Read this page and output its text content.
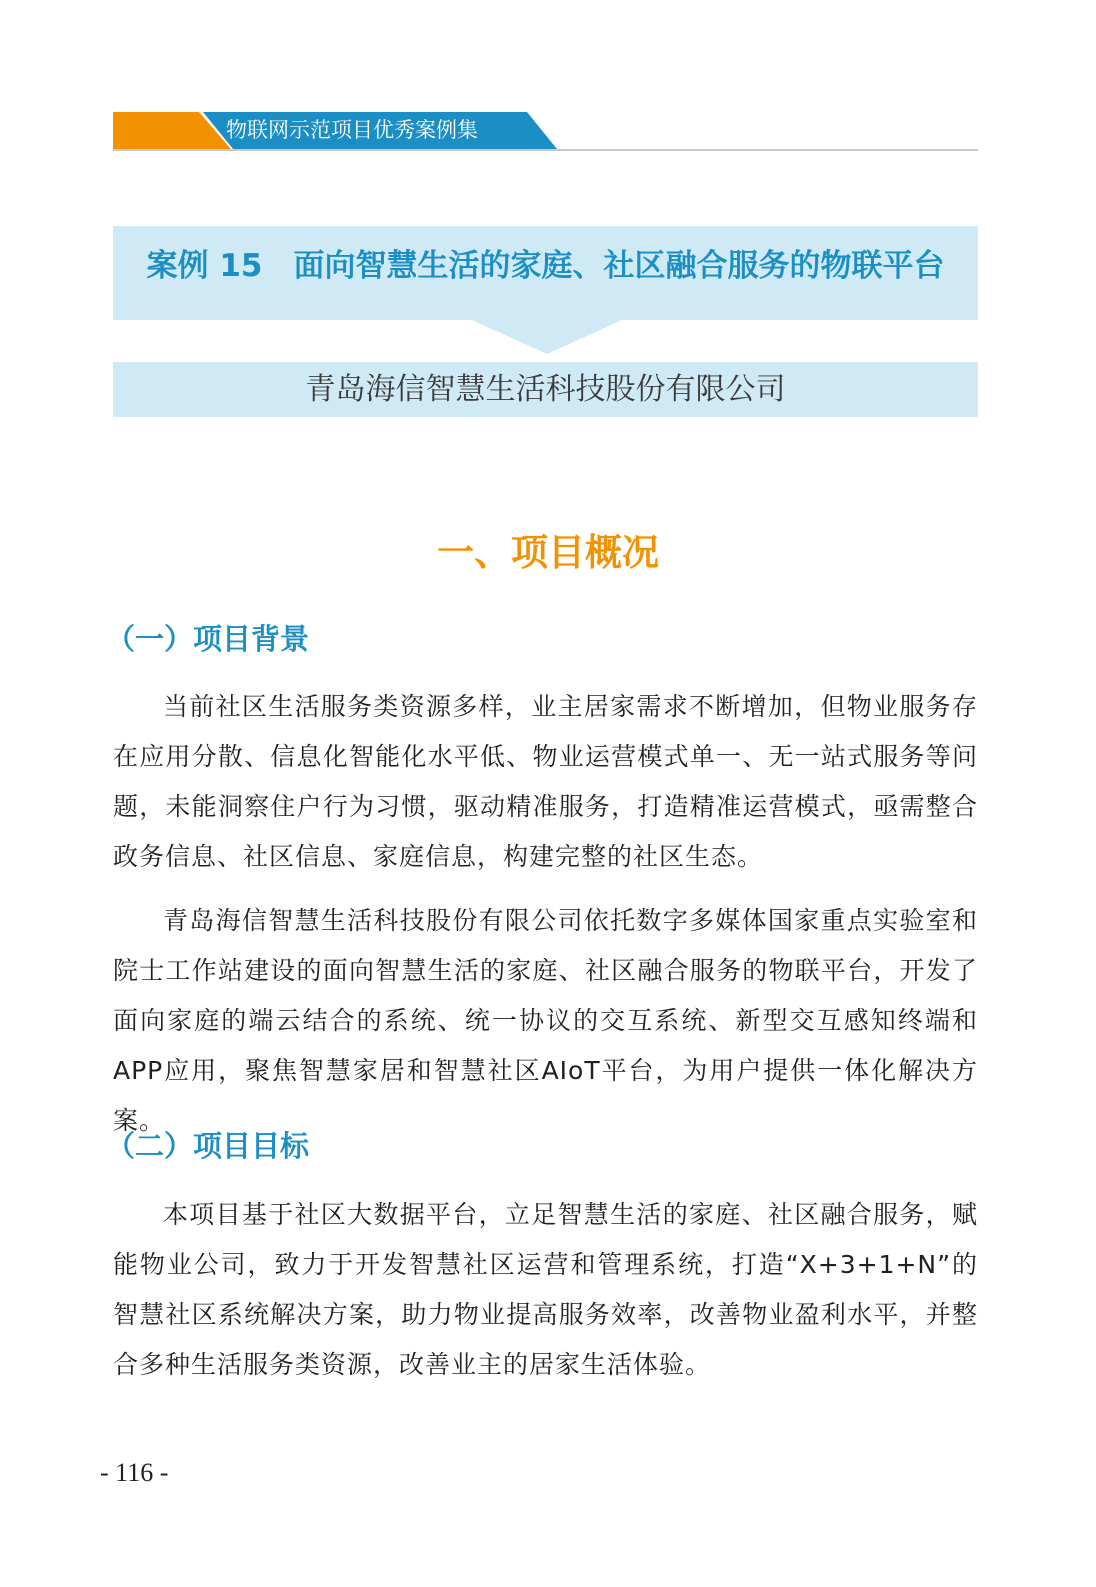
物联网示范项目优秀案例集
案例 15　面向智慧生活的家庭、社区融合服务的物联平台
青岛海信智慧生活科技股份有限公司
一、项目概况
（一）项目背景

当前社区生活服务类资源多样，业主居家需求不断增加，但物业服务存在应用分散、信息化智能化水平低、物业运营模式单一、无一站式服务等问题，未能洞察住户行为习惯，驱动精准服务，打造精准运营模式，亟需整合政务信息、社区信息、家庭信息，构建完整的社区生态。

青岛海信智慧生活科技股份有限公司依托数字多媒体国家重点实验室和院士工作站建设的面向智慧生活的家庭、社区融合服务的物联平台，开发了面向家庭的端云结合的系统、统一协议的交互系统、新型交互感知终端和APP应用，聚焦智慧家居和智慧社区AIoT平台，为用户提供一体化解决方案。

（二）项目目标

本项目基于社区大数据平台，立足智慧生活的家庭、社区融合服务，赋能物业公司，致力于开发智慧社区运营和管理系统，打造“X+3+1+N”的智慧社区系统解决方案，助力物业提高服务效率，改善物业盈利水平，并整合多种生活服务类资源，改善业主的居家生活体验。

- 116 -
